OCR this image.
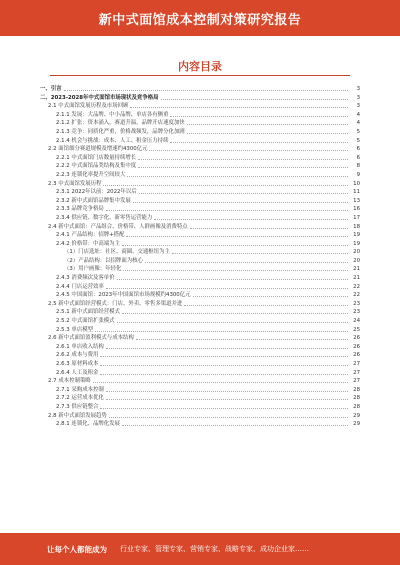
新中式面馆成本控制对策研究报告
内容目录
一、引言	3
二、2023-2028年中式面馆市场现状及竞争格局	3
2.1 中式面馆发展历程及市场回顾	3
2.1.1 发展：大品牌、中小品牌、单店各有侧重	4
2.1.2 扩张：资本涌入，赛道升温，品牌开店速度加快	4
2.1.3 竞争：同质化严重，价格战频发，品牌分化加剧	5
2.1.4 机会与挑战：成本、人工、租金压力持续	5
2.2 面馆细分赛道规模及增速约4300亿元	6
2.2.1 中式面馆门店数量持续增长	6
2.2.2 中式面馆品类结构及集中度	8
2.2.3 连锁化率提升空间较大	9
2.3 中式面馆发展历程	10
2.3.1 2022年以前：2022年以后	11
2.3.2 新中式面馆品牌集中发展	13
2.3.3 品牌竞争格局	16
2.3.4 供应链、数字化、新零售运营能力	17
2.4 新中式面馆：产品组合、价格带、人群画像及消费特点	18
2.4.1 产品结构：招牌+搭配	19
2.4.2 价格带：中高端为主	19
（1）门店选址：社区、商圈、交通枢纽为主	20
（2）产品结构：以招牌面为核心	20
（3）用户画像：年轻化	21
2.4.3 消费频次及客单价	21
2.4.4 门店运营效率	22
2.4.5 中国面馆：2023年中国面馆市场规模约4300亿元	22
2.5 新中式面馆经营模式：门店、外卖、零售多渠道并进	23
2.5.1 新中式面馆经营模式	23
2.5.2 中式面馆扩张模式	24
2.5.3 单店模型	25
2.6 新中式面馆盈利模式与成本结构	26
2.6.1 单店收入结构	26
2.6.2 成本与费用	26
2.6.3 原材料成本	27
2.6.4 人工及租金	27
2.7 成本控制策略	27
2.7.1 采购成本控制	28
2.7.2 运营成本优化	28
2.7.3 供应链整合	28
2.8 新中式面馆发展趋势	29
2.8.1 连锁化、品牌化发展	29
让每个人都能成为 行业专家、管理专家、营销专家、战略专家、成功企业家……
